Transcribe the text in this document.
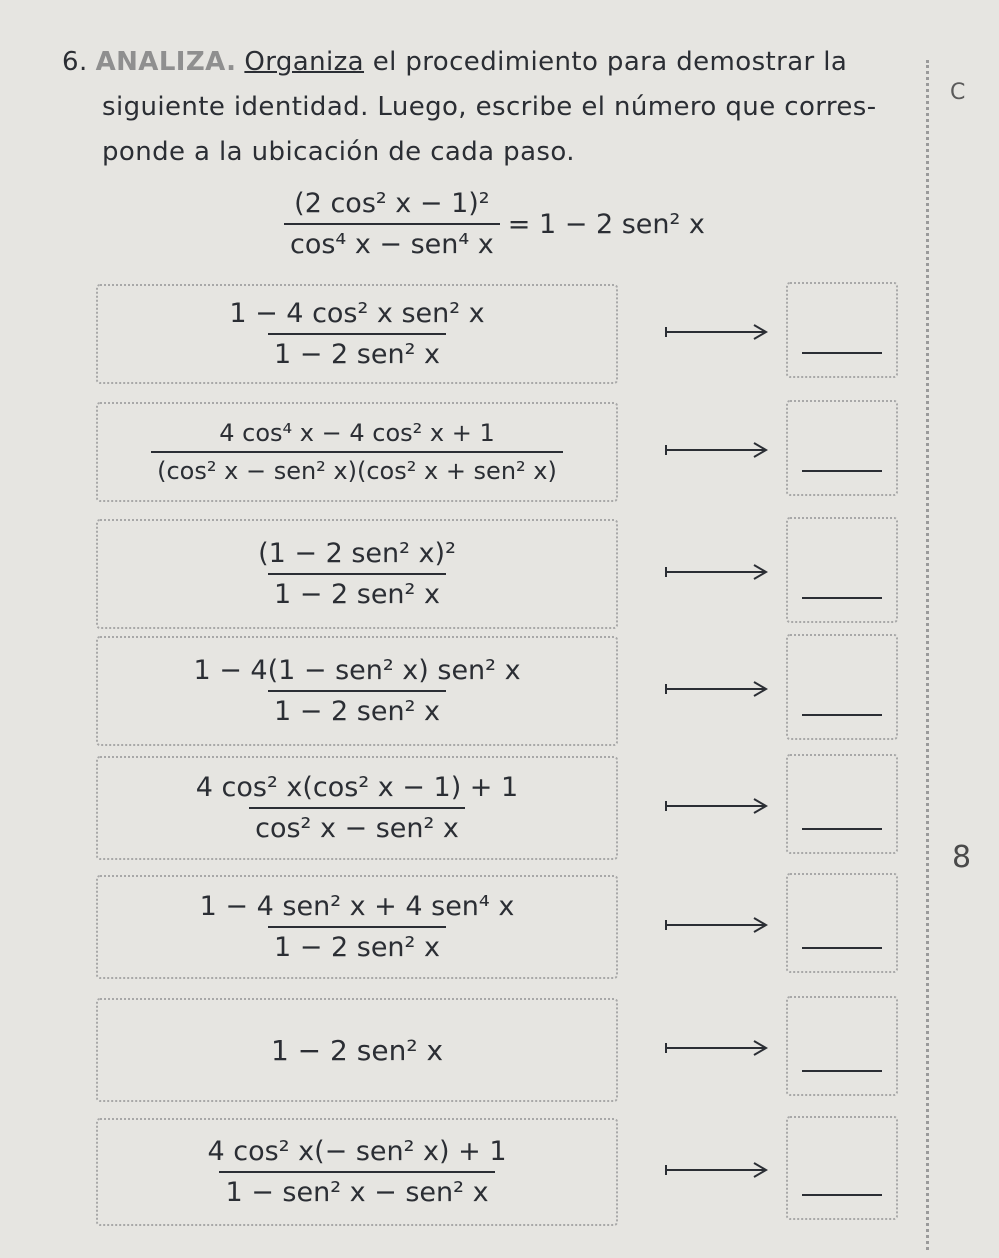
6. ANALIZA. Organiza el procedimiento para demostrar la
siguiente identidad. Luego, escribe el número que corres-
ponde a la ubicación de cada paso.
C
8
$\frac{\text{(2 cos² x − 1)²}}{\text{cos⁴ x − sen⁴ x}} = 1 - 2$ sen² x
$\frac{\text{1 − 4 cos² x sen² x}}{\text{1 − 2 sen² x}}$
$\frac{\text{4 cos⁴ x − 4 cos² x + 1}}{\text{(cos² x − sen² x)(cos² x + sen² x)}}$
$\frac{\text{(1 − 2 sen² x)²}}{\text{1 − 2 sen² x}}$
$\frac{\text{1 − 4(1 − sen² x) sen² x}}{\text{1 − 2 sen² x}}$
$\frac{\text{4 cos² x(cos² x − 1) + 1}}{\text{cos² x − sen² x}}$
$\frac{\text{1 − 4 sen² x + 4 sen⁴ x}}{\text{1 − 2 sen² x}}$
1 − 2 sen² x
$\frac{\text{4 cos² x(− sen² x) + 1}}{\text{1 − sen² x − sen² x}}$
